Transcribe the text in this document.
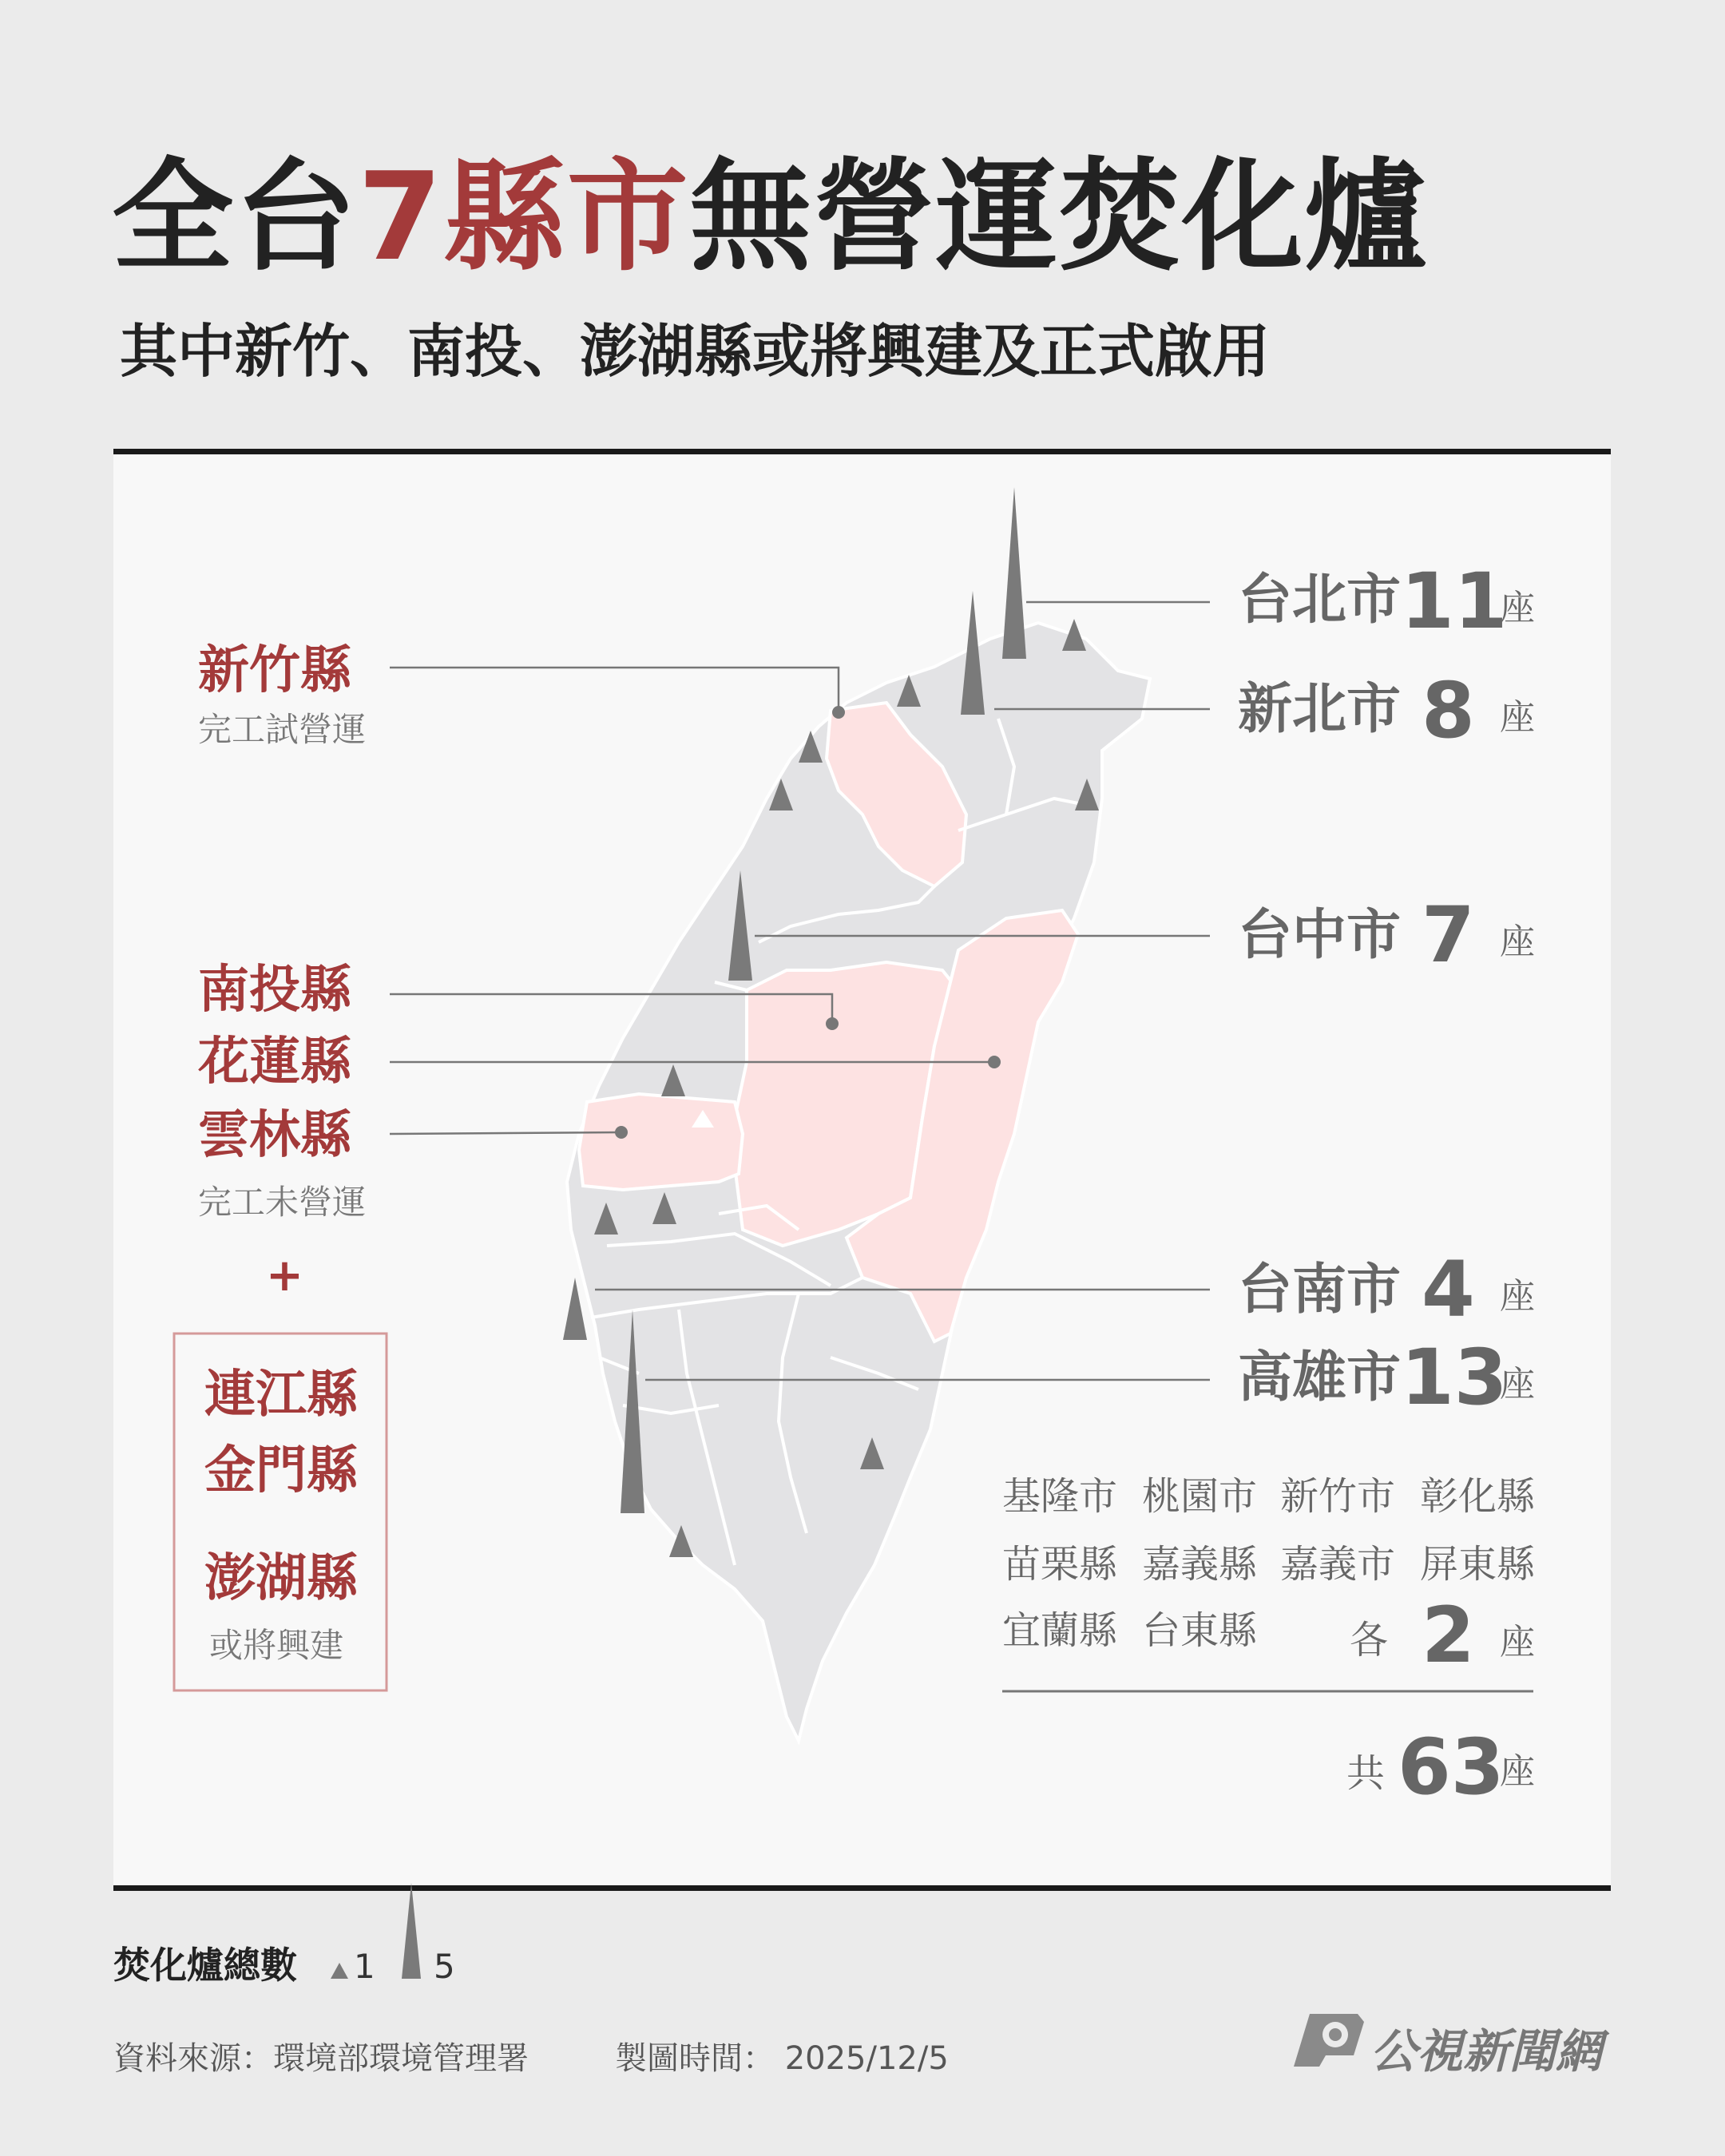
全台7縣市無營運焚化爐
其中新竹、南投、澎湖縣或將興建及正式啟用
台北市 11
座
新北市 8 座
台中市 7 座
台南市 4 座
高雄市 13
座
基隆市 桃園市 新竹市 彰化縣
苗栗縣 嘉義縣 嘉義市 屏東縣
宜蘭縣 台東縣 各 2 座
共 63
座
新竹縣
完工試營運
南投縣
花蓮縣
雲林縣
完工未營運
+
連江縣
金門縣
澎湖縣
或將興建
焚化爐總數 1 5
資料來源：環境部環境管理署	製圖時間： 2025/12/5	公視新聞網
